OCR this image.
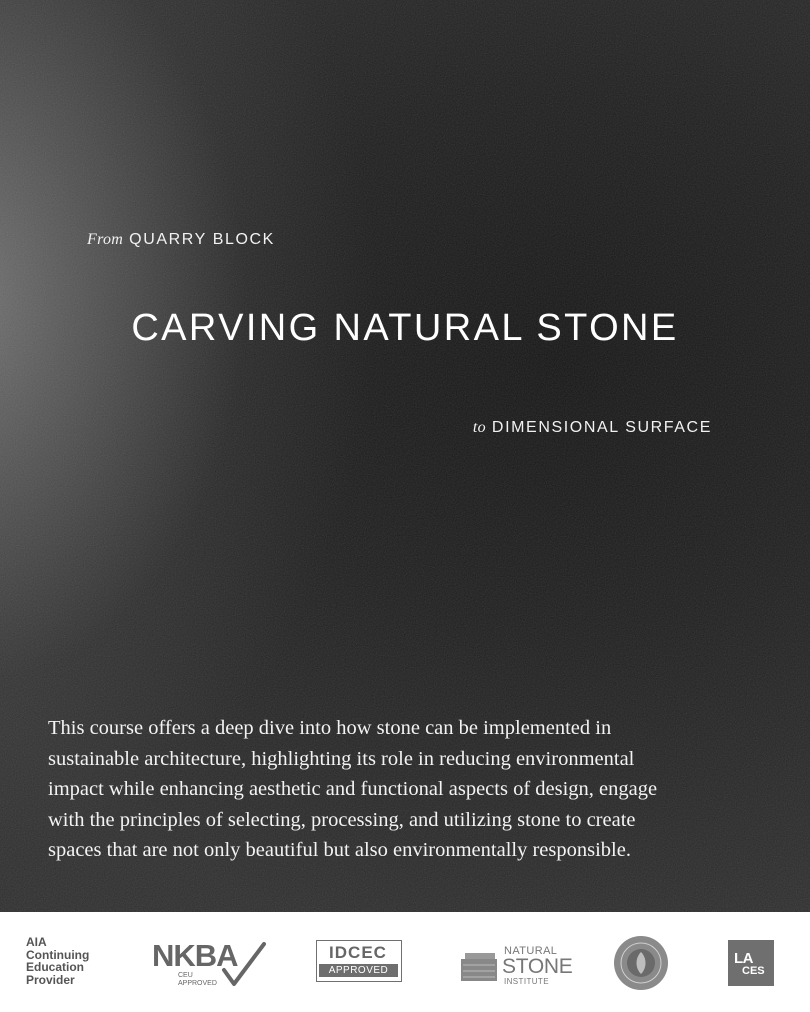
From QUARRY BLOCK
CARVING NATURAL STONE
to DIMENSIONAL SURFACE
This course offers a deep dive into how stone can be implemented in
sustainable architecture, highlighting its role in reducing environmental
impact while enhancing aesthetic and functional aspects of design, engage
with the principles of selecting, processing, and utilizing stone to create
spaces that are not only beautiful but also environmentally responsible.
AIA
Continuing
Education
Provider
NKBA
CEU
APPROVED
IDCEC
APPROVED
NATURAL
STONE
INSTITUTE
LA
CES
